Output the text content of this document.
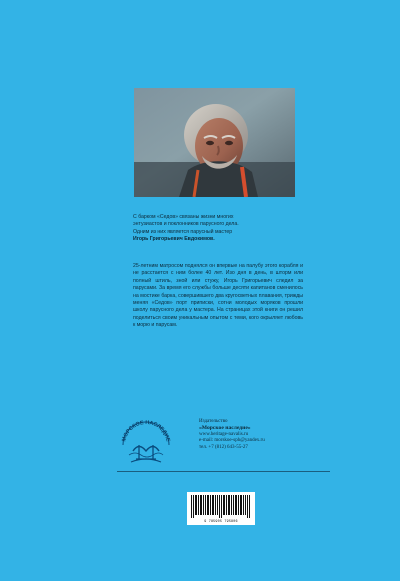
С барком «Седов» связаны жизни многих

энтузиастов и поклонников парусного дела.

Одним из них является парусный мастер

Игорь Григорьевич Евдокимов.

25-летним матросом поднялся он впервые на палубу этого корабля и не расстается с ним более 40 лет. Изо дня в день, в шторм или полный штиль, зной или стужу, Игорь Григорьевич следил за парусами. За время его службы больше десяти капитанов сменилось на мостике барка, совершившего два кругосветных плавания, трижды меняя «Седов» порт приписки, сотни молодых моряков прошли школу парусного дела у мастера. На страницах этой книги он решил поделиться своим уникальным опытом с теми, кого окрыляет любовь к морю и парусам.

МОРСКОЕ НАСЛЕДИЕ
Издательство
«Морское наследие»
www.heritage-navalis.ru
e-mail: morskoe-sph@yandex.ru
тел. +7 (812) 643-55-27
9 785905 795806
